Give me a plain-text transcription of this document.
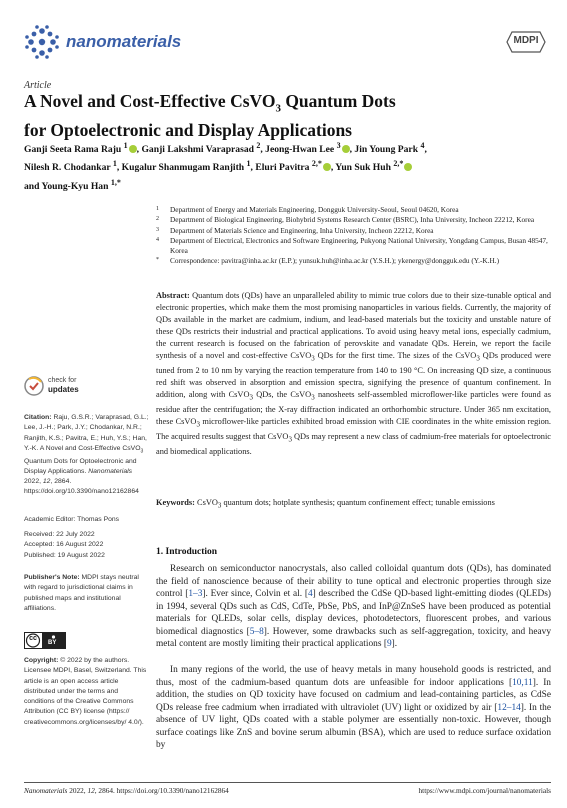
nanomaterials	MDPI
Article
A Novel and Cost-Effective CsVO$_3$ Quantum Dots
for Optoelectronic and Display Applications
Ganji Seeta Rama Raju $^1$ , Ganji Lakshmi Varaprasad $^2$, Jeong-Hwan Lee $^3$ , Jin Young Park $^4$,
Nilesh R. Chodankar $^1$, Kugalur Shanmugam Ranjith $^1$, Eluri Pavitra $^{2,*}$ , Yun Suk Huh $^{2,*}$
and Young-Kyu Han $^{1,*}$
1	Department of Energy and Materials Engineering, Dongguk University-Seoul, Seoul 04620, Korea
2	Department of Biological Engineering, Biohybrid Systems Research Center (BSRC), Inha University, Incheon 22212, Korea
3	Department of Materials Science and Engineering, Inha University, Incheon 22212, Korea
4	Department of Electrical, Electronics and Software Engineering, Pukyong National University, Yongdang Campus, Busan 48547, Korea
*	Correspondence: pavitra@inha.ac.kr (E.P.); yunsuk.huh@inha.ac.kr (Y.S.H.); ykenergy@dongguk.edu (Y.-K.H.)
Abstract: Quantum dots (QDs) have an unparalleled ability to mimic true colors due to their size-tunable optical and electronic properties, which make them the most promising nanoparticles in various fields. Currently, the majority of QDs available in the market are cadmium, indium, and lead-based materials but the toxicity and unstable nature of these QDs restricts their industrial and practical applications. To avoid using heavy metal ions, especially cadmium, the current research is focused on the fabrication of perovskite and vanadate QDs. Herein, we report the facile synthesis of a novel and cost-effective CsVO$_3$ QDs for the first time. The sizes of the CsVO$_3$ QDs produced were tuned from 2 to 10 nm by varying the reaction temperature from 140 to 190 °C. On increasing QD size, a continuous red shift was observed in absorption and emission spectra, signifying the presence of quantum confinement. In addition, along with CsVO$_3$ QDs, the CsVO$_3$ nanosheets self-assembled microflower-like particles were found as residue after the centrifugation; the X-ray diffraction indicated an orthorhombic structure. Under 365 nm excitation, these CsVO$_3$ microflower-like particles exhibited broad emission with CIE coordinates in the white emission region. The acquired results suggest that CsVO$_3$ QDs may represent a new class of cadmium-free materials for optoelectronic and biomedical applications.
Keywords: CsVO$_3$ quantum dots; hotplate synthesis; quantum confinement effect; tunable emissions
check for
updates
Citation: Raju, G.S.R.; Varaprasad, G.L.; Lee, J.-H.; Park, J.Y.; Chodankar, N.R.; Ranjith, K.S.; Pavitra, E.; Huh, Y.S.; Han, Y.-K. A Novel and Cost-Effective CsVO$_3$ Quantum Dots for Optoelectronic and Display Applications. Nanomaterials 2022, 12, 2864. https://doi.org/10.3390/nano12162864
Academic Editor: Thomas Pons
Received: 22 July 2022
Accepted: 16 August 2022
Published: 19 August 2022
Publisher's Note: MDPI stays neutral with regard to jurisdictional claims in published maps and institutional affiliations.
cc
BY
Copyright: © 2022 by the authors. Licensee MDPI, Basel, Switzerland. This article is an open access article distributed under the terms and conditions of the Creative Commons Attribution (CC BY) license (https:// creativecommons.org/licenses/by/ 4.0/).
1. Introduction
Research on semiconductor nanocrystals, also called colloidal quantum dots (QDs), has dominated the field of nanoscience because of their ability to tune optical and electronic properties through size control [1–3]. Ever since, Colvin et al. [4] described the CdSe QD-based light-emitting diodes (QLEDs) in 1994, several QDs such as CdS, CdTe, PbSe, PbS, and InP@ZnSeS have been produced as potential materials for QLEDs, solar cells, display devices, photodetectors, fluorescent probes, and various biomedical diagnostics [5–8]. However, some drawbacks such as self-aggregation, toxicity, and heavy metal content are mostly limiting their practical applications [9].
In many regions of the world, the use of heavy metals in many household goods is restricted, and thus, most of the cadmium-based quantum dots are unfeasible for indoor applications [10,11]. In addition, the studies on QD toxicity have focused on cadmium and lead-containing particles, as CdSe QDs release free cadmium when irradiated with ultraviolet (UV) light or oxidized by air [12–14]. In the absence of UV light, QDs coated with a stable polymer are essentially non-toxic. However, though surface coatings like ZnS and bovine serum albumin (BSA), which are used to reduce surface oxidation by
Nanomaterials 2022, 12, 2864. https://doi.org/10.3390/nano12162864	https://www.mdpi.com/journal/nanomaterials
